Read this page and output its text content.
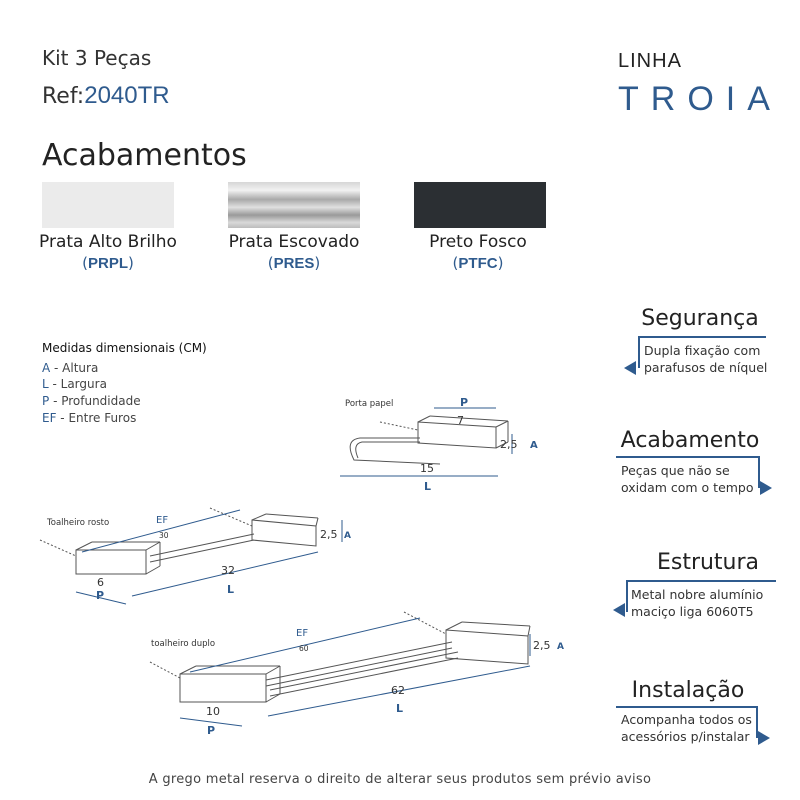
Kit 3 Peças
Ref:2040TR
LINHA
TROIA
Acabamentos
Prata Alto Brilho
(PRPL)
Prata Escovado
(PRES)
Preto Fosco
(PTFC)
Medidas dimensionais (CM)
A - Altura
L - Largura
P - Profundidade
EF - Entre Furos
Porta papel	P
7
2,5 A
15
L
Toalheiro rosto	EF
30	2,5 A
6
P
32
L
toalheiro duplo
EF
60	2,5 A
10
P
62
L
Segurança
Dupla fixação com
parafusos de níquel
Acabamento
Peças que não se
oxidam com o tempo
Estrutura
Metal nobre alumínio
maciço liga 6060T5
Instalação
Acompanha todos os
acessórios p/instalar
A grego metal reserva o direito de alterar seus produtos sem prévio aviso
